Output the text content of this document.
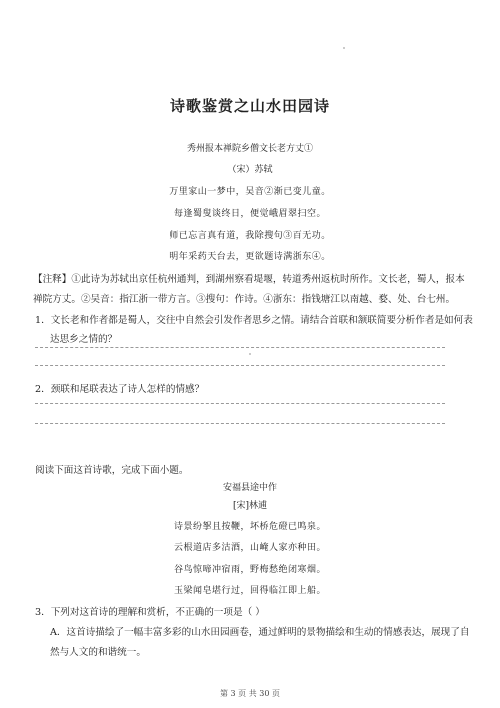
诗歌鉴赏之山水田园诗
秀州报本禅院乡僧文长老方丈①
（宋）苏轼
万里家山一梦中，吴音②渐已变儿童。
每逢蜀叟谈终日，便觉峨眉翠扫空。
师已忘言真有道，我除搜句③百无功。
明年采药天台去，更欲题诗满浙东④。
【注释】①此诗为苏轼出京任杭州通判，到湖州察看堤堰，转道秀州返杭时所作。文长老，蜀人，报本
禅院方丈。②吴音：指江浙一带方言。③搜句：作诗。④浙东：指钱塘江以南越、婺、处、台七州。
1．文长老和作者都是蜀人，交往中自然会引发作者思乡之情。请结合首联和颔联简要分析作者是如何表
达思乡之情的？
2．颈联和尾联表达了诗人怎样的情感？
阅读下面这首诗歌，完成下面小题。
安福县途中作
[宋]林逋
诗景纷挐且按鞭，坏桥危磴已鸣泉。
云根道店多沽酒，山崦人家亦种田。
谷鸟惊啼冲宿雨，野梅愁绝闭寒烟。
玉梁闻皂堪行过，回得临江即上船。
3．下列对这首诗的理解和赏析，不正确的一项是（ ）
A．这首诗描绘了一幅丰富多彩的山水田园画卷，通过鲜明的景物描绘和生动的情感表达，展现了自
然与人文的和谐统一。
第 3 页 共 30 页
